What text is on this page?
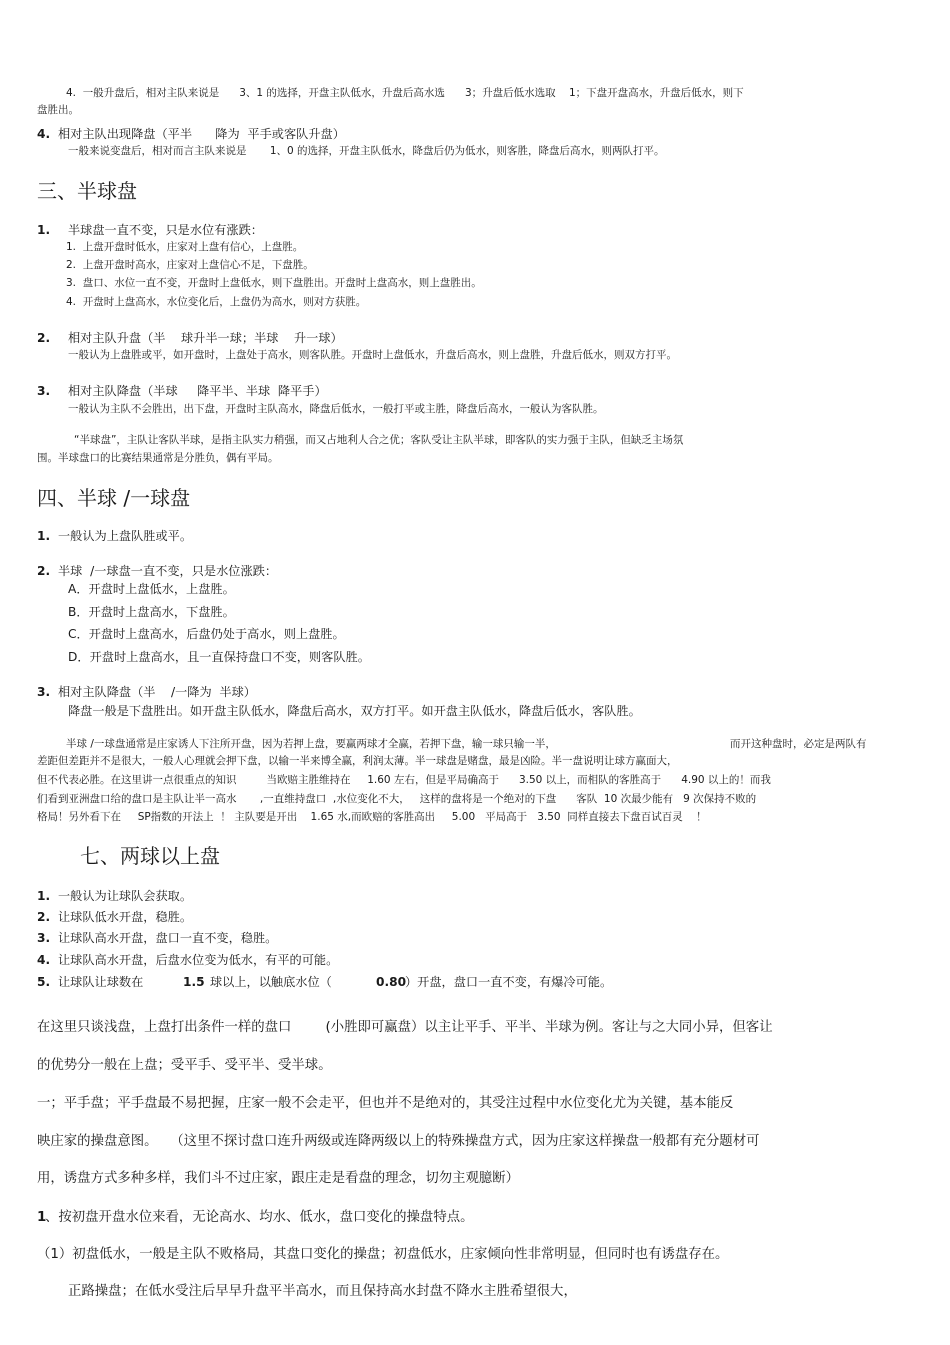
4.  一般升盘后，相对主队来说是      3、1 的选择，开盘主队低水，升盘后高水选      3；升盘后低水选取    1；下盘开盘高水，升盘后低水，则下
盘胜出。
4. 相对主队出现降盘（平半      降为  平手或客队升盘）
一般来说变盘后，相对而言主队来说是       1、0 的选择，开盘主队低水，降盘后仍为低水，则客胜，降盘后高水，则两队打平。
三、半球盘
1. 半球盘一直不变，只是水位有涨跌：
1.  上盘开盘时低水，庄家对上盘有信心，上盘胜。
2.  上盘开盘时高水，庄家对上盘信心不足，下盘胜。
3.  盘口、水位一直不变，开盘时上盘低水，则下盘胜出。开盘时上盘高水，则上盘胜出。
4.  开盘时上盘高水，水位变化后，上盘仍为高水，则对方获胜。
2. 相对主队升盘（半    球升半一球；半球    升一球）
一般认为上盘胜或平，如开盘时，上盘处于高水，则客队胜。开盘时上盘低水，升盘后高水，则上盘胜，升盘后低水，则双方打平。
3. 相对主队降盘（半球     降平半、半球  降平手）
一般认为主队不会胜出，出下盘，开盘时主队高水，降盘后低水，一般打平或主胜，降盘后高水，一般认为客队胜。
“半球盘”，主队让客队半球，是指主队实力稍强，而又占地利人合之优；客队受让主队半球，即客队的实力强于主队，但缺乏主场氛
围。半球盘口的比赛结果通常是分胜负，偶有平局。
四、半球 /一球盘
1. 一般认为上盘队胜或平。
2. 半球  /一球盘一直不变，只是水位涨跌：
A．开盘时上盘低水，上盘胜。
B．开盘时上盘高水，下盘胜。
C．开盘时上盘高水，后盘仍处于高水，则上盘胜。
D．开盘时上盘高水，且一直保持盘口不变，则客队胜。
3. 相对主队降盘（半    /一降为  半球）
降盘一般是下盘胜出。如开盘主队低水，降盘后高水，双方打平。如开盘主队低水，降盘后低水，客队胜。
半球 /一球盘通常是庄家诱人下注所开盘，因为若押上盘，要赢两球才全赢，若押下盘，输一球只输一半，	而开这种盘时，必定是两队有
差距但差距并不是很大，一般人心理就会押下盘，以输一半来博全赢，利润太薄。半一球盘是赌盘，最是凶险。半一盘说明让球方赢面大，
但不代表必胜。在这里讲一点很重点的知识         当欧赔主胜维持在     1.60 左右，但是平局确高于      3.50 以上，而相队的客胜高于      4.90 以上的！而我
们看到亚洲盘口给的盘口是主队让半一高水       ,一直维持盘口  ,水位变化不大，   这样的盘将是一个绝对的下盘      客队  10 次最少能有   9 次保持不败的
格局！另外看下在     SP指数的开法上  ！ 主队要是开出    1.65 水,而欧赔的客胜高出     5.00   平局高于   3.50  同样直接去下盘百试百灵    ！
七、两球以上盘
1. 一般认为让球队会获取。
2. 让球队低水开盘，稳胜。
3. 让球队高水开盘，盘口一直不变，稳胜。
4. 让球队高水开盘，后盘水位变为低水，有平的可能。
5. 让球队让球数在	1.5 球以上，以触底水位（	0.80
）开盘，盘口一直不变，有爆冷可能。
在这里只谈浅盘，上盘打出条件一样的盘口        (小胜即可赢盘）以主让平手、平半、半球为例。客让与之大同小异，但客让
的优势分一般在上盘；受平手、受平半、受半球。
一；平手盘；平手盘最不易把握，庄家一般不会走平，但也并不是绝对的，其受注过程中水位变化尤为关键，基本能反
映庄家的操盘意图。   （这里不探讨盘口连升两级或连降两级以上的特殊操盘方式，因为庄家这样操盘一般都有充分题材可
用，诱盘方式多种多样，我们斗不过庄家，跟庄走是看盘的理念，切勿主观臆断）
1
、按初盘开盘水位来看，无论高水、均水、低水，盘口变化的操盘特点。
（1）初盘低水，一般是主队不败格局，其盘口变化的操盘；初盘低水，庄家倾向性非常明显，但同时也有诱盘存在。
正路操盘；在低水受注后早早升盘平半高水，而且保持高水封盘不降水主胜希望很大，
